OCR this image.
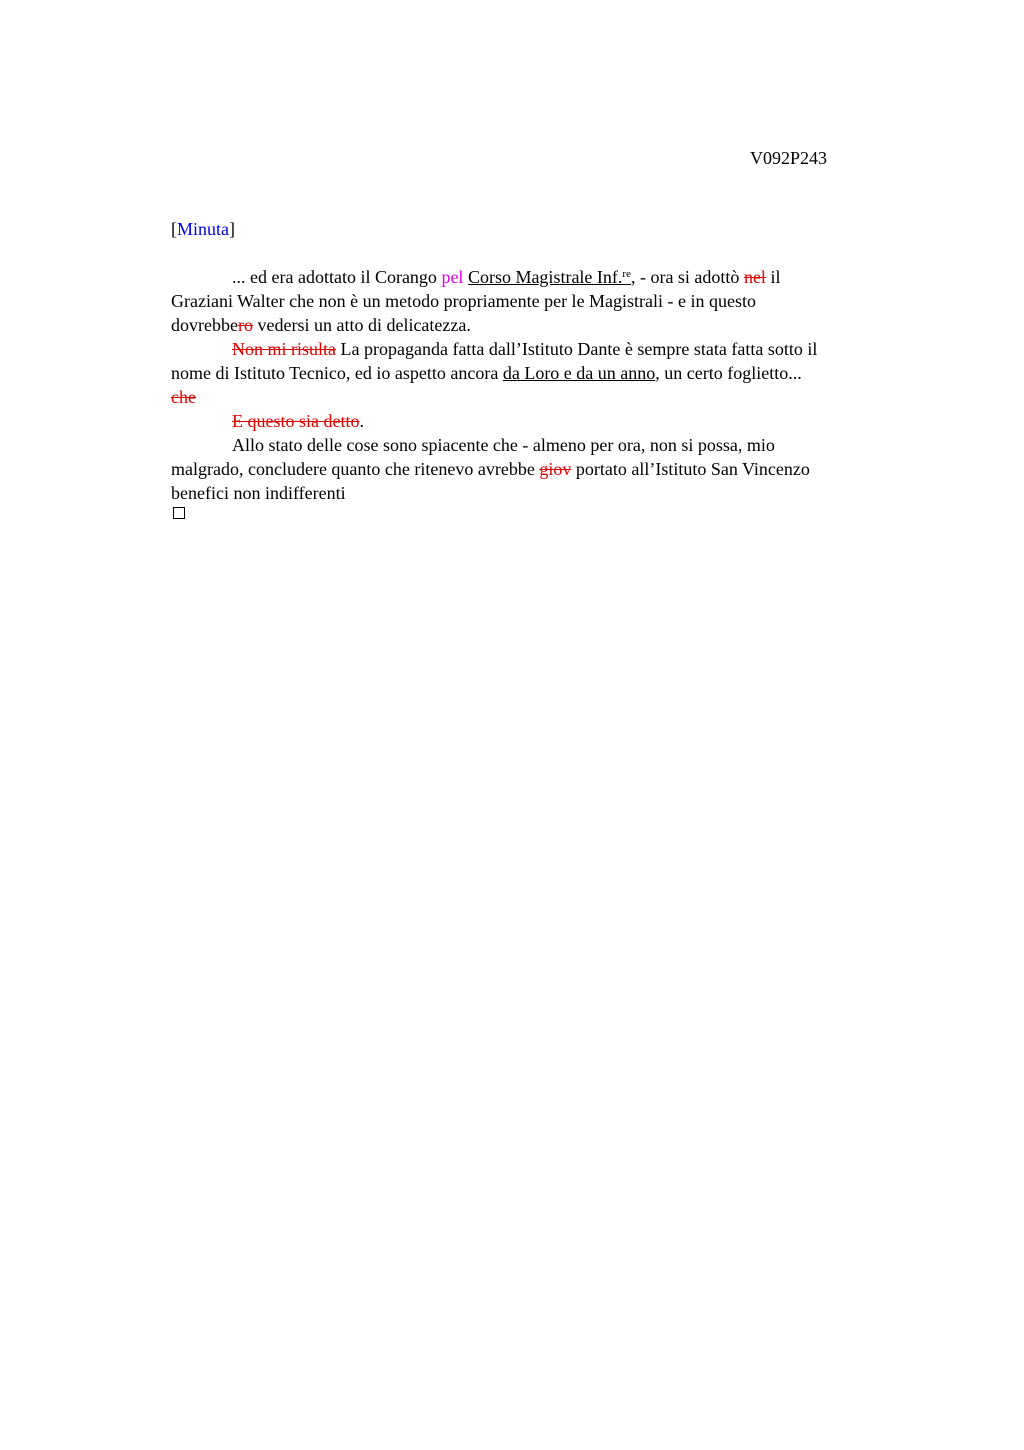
V092P243
[Minuta]
... ed era adottato il Corango pel Corso Magistrale Inf.$^{re}$, - ora si adottò nel il
Graziani Walter che non è un metodo propriamente per le Magistrali - e in questo
dovrebbero vedersi un atto di delicatezza.
Non mi risulta La propaganda fatta dall’Istituto Dante è sempre stata fatta sotto il
nome di Istituto Tecnico, ed io aspetto ancora da Loro e da un anno, un certo foglietto...
che
E questo sia detto.
Allo stato delle cose sono spiacente che - almeno per ora, non si possa, mio
malgrado, concludere quanto che ritenevo avrebbe giov portato all’Istituto San Vincenzo
benefici non indifferenti
